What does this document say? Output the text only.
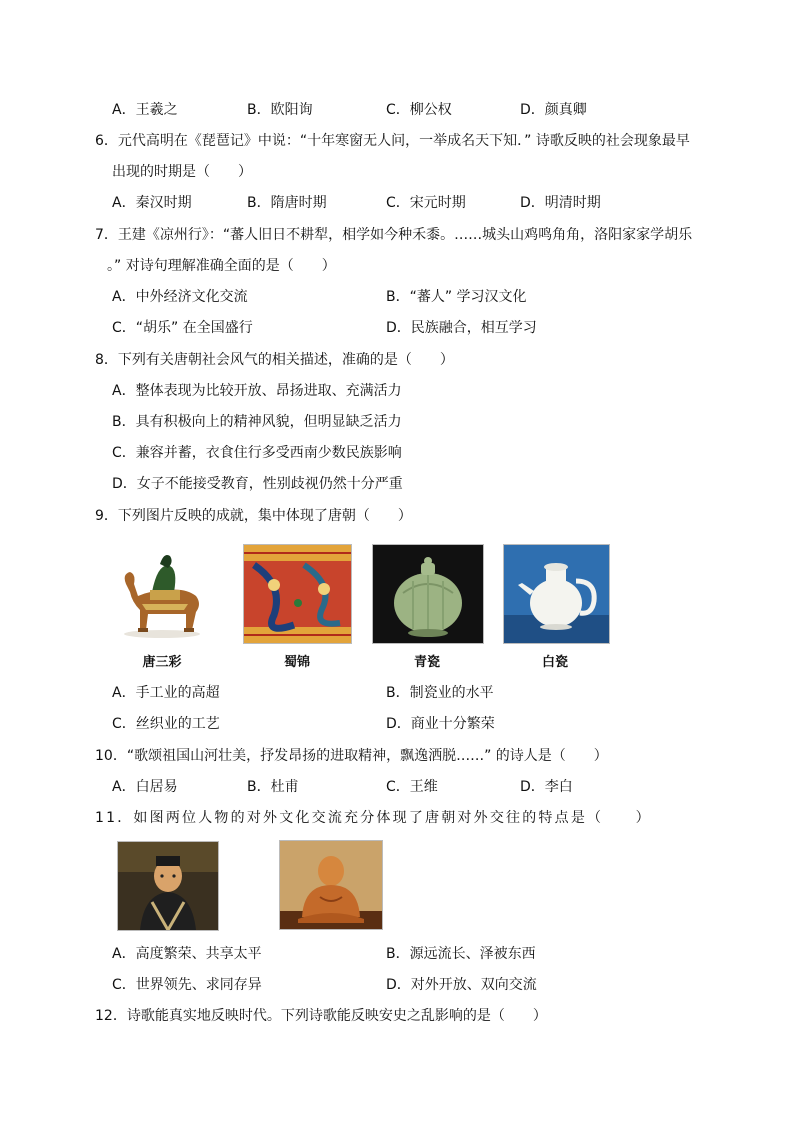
A．王羲之	B．欧阳询	C．柳公权	D．颜真卿
6．元代高明在《琵琶记》中说：“十年寒窗无人问，一举成名天下知．” 诗歌反映的社会现象最早
出现的时期是（　　）
A．秦汉时期	B．隋唐时期	C．宋元时期	D．明清时期
7．王建《凉州行》：“蕃人旧日不耕犁，相学如今种禾黍。……城头山鸡鸣角角，洛阳家家学胡乐
。” 对诗句理解准确全面的是（　　）
A．中外经济文化交流	B．“蕃人” 学习汉文化
C．“胡乐” 在全国盛行	D．民族融合，相互学习
8．下列有关唐朝社会风气的相关描述，准确的是（　　）
A．整体表现为比较开放、昂扬进取、充满活力
B．具有积极向上的精神风貌，但明显缺乏活力
C．兼容并蓄，衣食住行多受西南少数民族影响
D．女子不能接受教育，性别歧视仍然十分严重
9．下列图片反映的成就，集中体现了唐朝（　　）
唐三彩	蜀锦	青瓷	白瓷
A．手工业的高超	B．制瓷业的水平
C．丝织业的工艺	D．商业十分繁荣
10．“歌颂祖国山河壮美，抒发昂扬的进取精神，飘逸洒脱……” 的诗人是（　　）
A．白居易	B．杜甫	C．王维	D．李白
11．如图两位人物的对外文化交流充分体现了唐朝对外交往的特点是（　　）
A．高度繁荣、共享太平	B．源远流长、泽被东西
C．世界领先、求同存异	D．对外开放、双向交流
12．诗歌能真实地反映时代。下列诗歌能反映安史之乱影响的是（　　）
